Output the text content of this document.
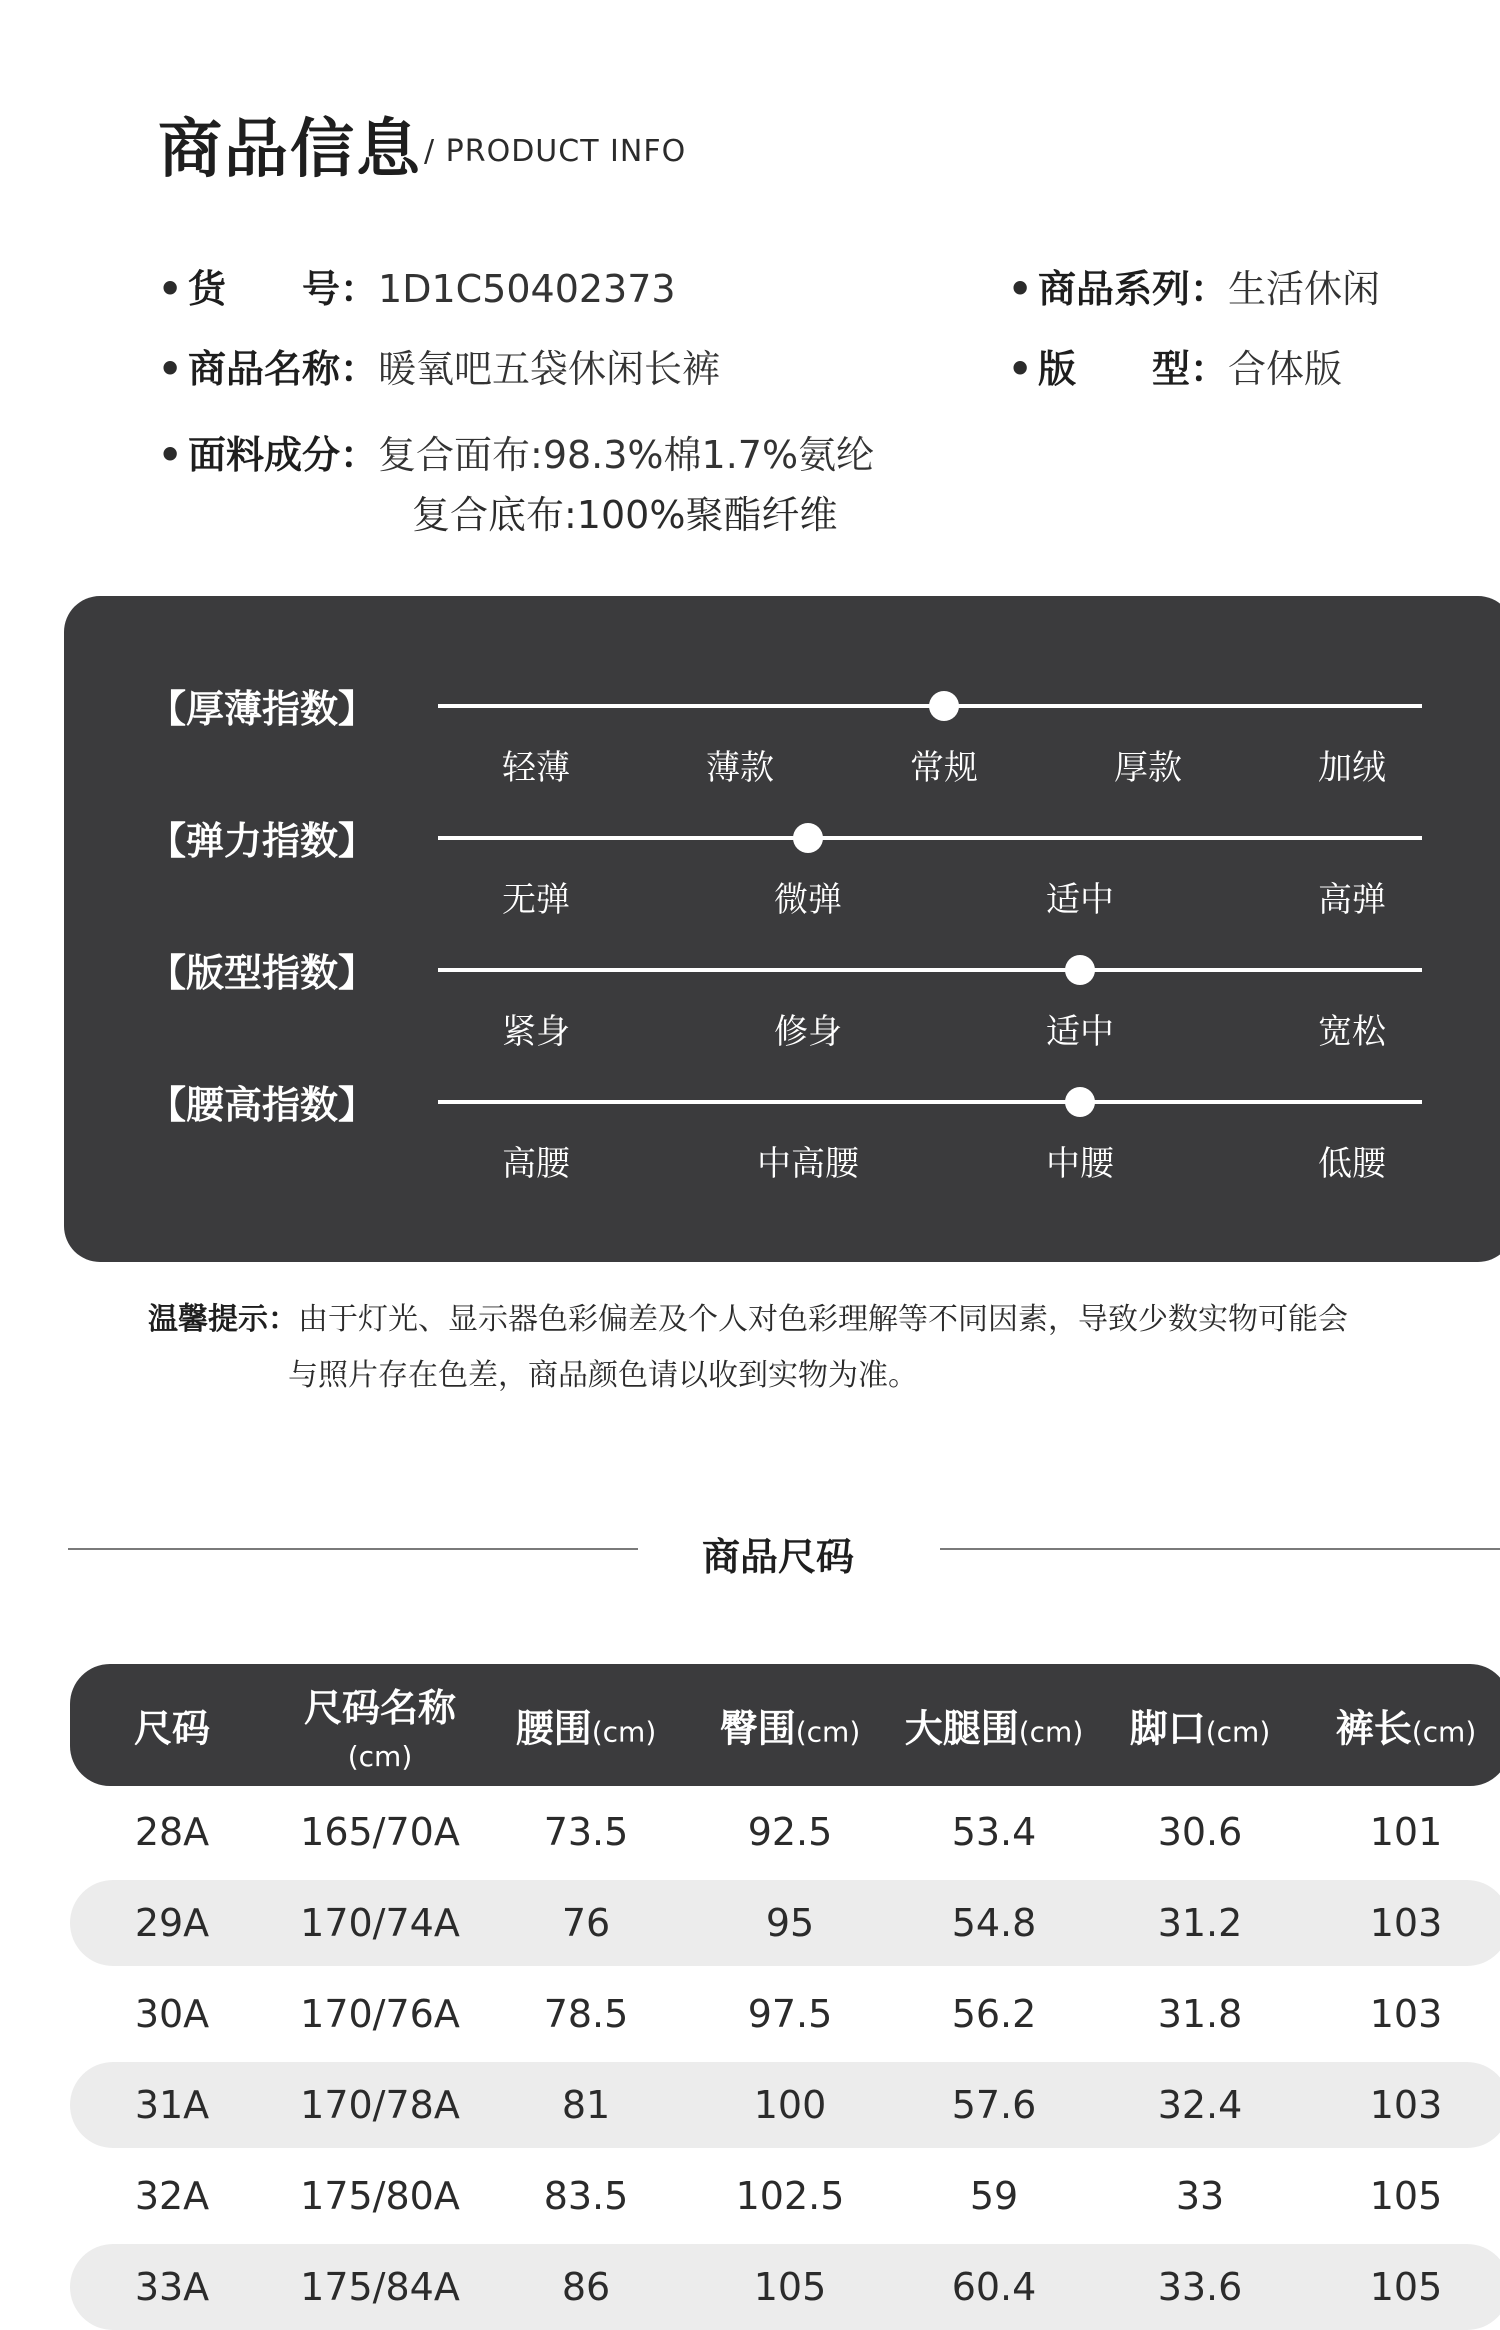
商品信息 / PRODUCT INFO
• 货　　号：1D1C50402373	• 商品系列：生活休闲
• 商品名称：暖氧吧五袋休闲长裤	• 版　　型：合体版
• 面料成分：复合面布:98.3%棉1.7%氨纶
复合底布:100%聚酯纤维
【厚薄指数】
轻薄	薄款	常规	厚款	加绒
【弹力指数】
无弹	微弹	适中	高弹
【版型指数】
紧身	修身	适中	宽松
【腰高指数】
高腰	中高腰	中腰	低腰
温馨提示：由于灯光、显示器色彩偏差及个人对色彩理解等不同因素，导致少数实物可能会
与照片存在色差，商品颜色请以收到实物为准。
商品尺码
尺码 尺码名称
(cm)
腰围(cm) 臀围(cm) 大腿围(cm) 脚口(cm) 裤长(cm)
28A 165/70A 73.5	92.5	53.4	30.6	101
29A 170/74A	76	95	54.8	31.2	103
30A 170/76A 78.5	97.5	56.2	31.8	103
31A 170/78A	81	100	57.6	32.4	103
32A 175/80A 83.5	102.5	59	33	105
33A 175/84A	86	105	60.4	33.6	105
